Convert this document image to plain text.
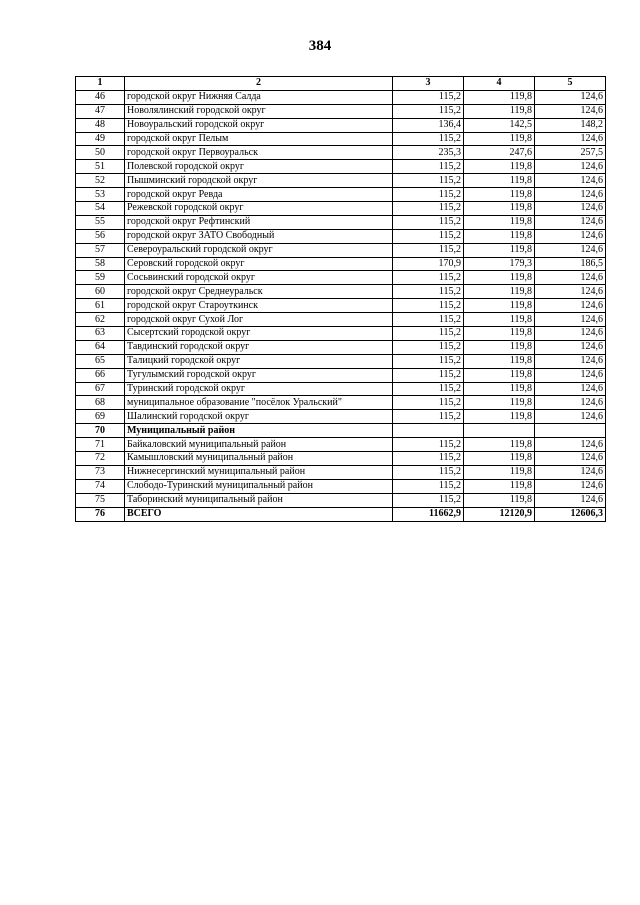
384
1	2	3	4	5
46	городской округ Нижняя Салда	115,2	119,8	124,6
47	Новолялинский городской округ	115,2	119,8	124,6
48	Новоуральский городской округ	136,4	142,5	148,2
49	городской округ Пелым	115,2	119,8	124,6
50	городской округ Первоуральск	235,3	247,6	257,5
51	Полевской городской округ	115,2	119,8	124,6
52	Пышминский городской округ	115,2	119,8	124,6
53	городской округ Ревда	115,2	119,8	124,6
54	Режевской городской округ	115,2	119,8	124,6
55	городской округ Рефтинский	115,2	119,8	124,6
56	городской округ ЗАТО Свободный	115,2	119,8	124,6
57	Североуральский городской округ	115,2	119,8	124,6
58	Серовский городской округ	170,9	179,3	186,5
59	Сосьвинский городской округ	115,2	119,8	124,6
60	городской округ Среднеуральск	115,2	119,8	124,6
61	городской округ Староуткинск	115,2	119,8	124,6
62	городской округ Сухой Лог	115,2	119,8	124,6
63	Сысертский городской округ	115,2	119,8	124,6
64	Тавдинский городской округ	115,2	119,8	124,6
65	Талицкий городской округ	115,2	119,8	124,6
66	Тугулымский городской округ	115,2	119,8	124,6
67	Туринский городской округ	115,2	119,8	124,6
68	муниципальное образование "посёлок Уральский"	115,2	119,8	124,6
69	Шалинский городской округ	115,2	119,8	124,6
70	Муниципальный район			
71	Байкаловский муниципальный район	115,2	119,8	124,6
72	Камышловский муниципальный район	115,2	119,8	124,6
73	Нижнесергинский муниципальный район	115,2	119,8	124,6
74	Слободо-Туринский муниципальный район	115,2	119,8	124,6
75	Таборинский муниципальный район	115,2	119,8	124,6
76	ВСЕГО	11662,9	12120,9	12606,3
